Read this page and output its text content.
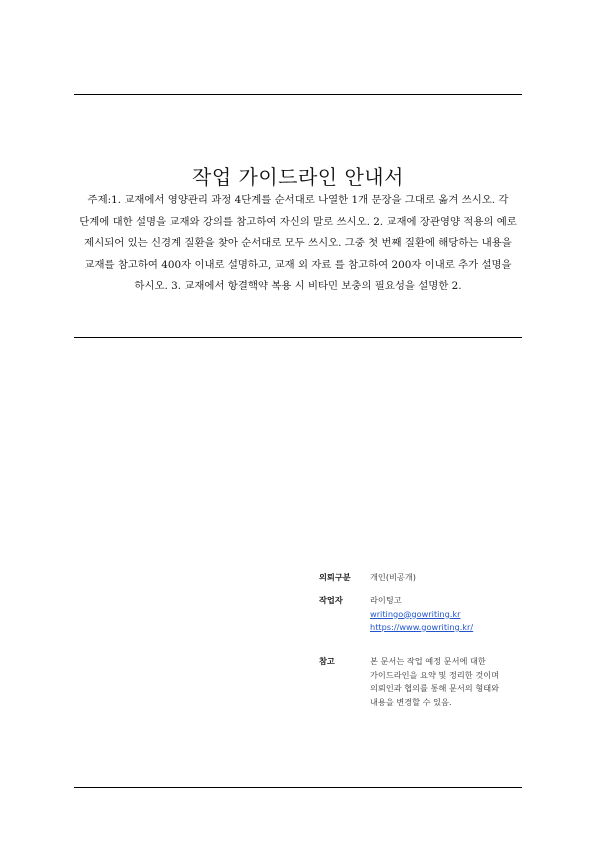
작업 가이드라인 안내서

주제:1. 교재에서 영양관리 과정 4단계를 순서대로 나열한 1개 문장을 그대로 옮겨 쓰시오. 각 단계에 대한 설명을 교재와 강의를 참고하여 자신의 말로 쓰시오. 2. 교재에 장관영양 적용의 예로 제시되어 있는 신경계 질환을 찾아 순서대로 모두 쓰시오. 그중 첫 번째 질환에 해당하는 내용을 교재를 참고하여 400자 이내로 설명하고, 교재 외 자료 를 참고하여 200자 이내로 추가 설명을 하시오. 3. 교재에서 항결핵약 복용 시 비타민 보충의 필요성을 설명한 2.

의뢰구분	개인(비공개)
작업자	라이팅고
writingo@gowriting.kr
https://www.gowriting.kr/
참고	본 문서는 작업 예정 문서에 대한
가이드라인을 요약 및 정리한 것이며
의뢰인과 협의를 통해 문서의 형태와
내용을 변경할 수 있음.
